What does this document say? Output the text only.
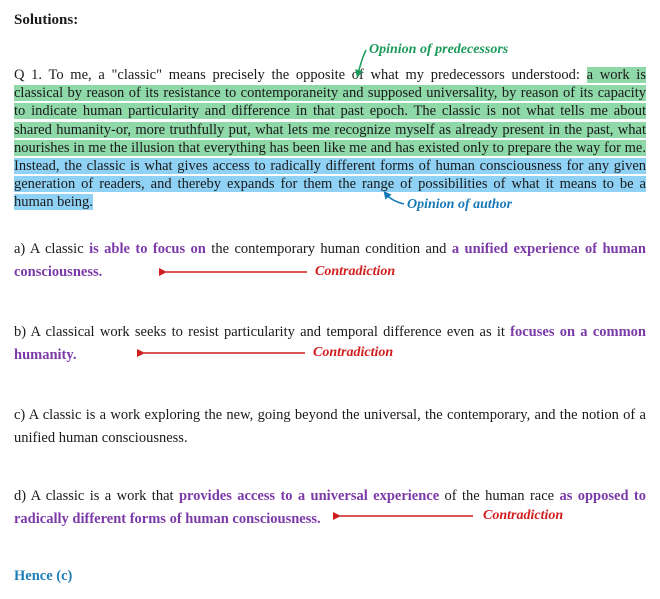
Solutions:
Opinion of predecessors
Q 1. To me, a "classic" means precisely the opposite of what my predecessors understood: a work is classical by reason of its resistance to contemporaneity and supposed universality, by reason of its capacity to indicate human particularity and difference in that past epoch. The classic is not what tells me about shared humanity-or, more truthfully put, what lets me recognize myself as already present in the past, what nourishes in me the illusion that everything has been like me and has existed only to prepare the way for me. Instead, the classic is what gives access to radically different forms of human consciousness for any given generation of readers, and thereby expands for them the range of possibilities of what it means to be a human being.	Opinion of author
a) A classic is able to focus on the contemporary human condition and a unified experience of human consciousness.	Contradiction
b) A classical work seeks to resist particularity and temporal difference even as it focuses on a common humanity.	Contradiction
c) A classic is a work exploring the new, going beyond the universal, the contemporary, and the notion of a unified human consciousness.
d) A classic is a work that provides access to a universal experience of the human race as opposed to radically different forms of human consciousness.	Contradiction
Hence (c)
